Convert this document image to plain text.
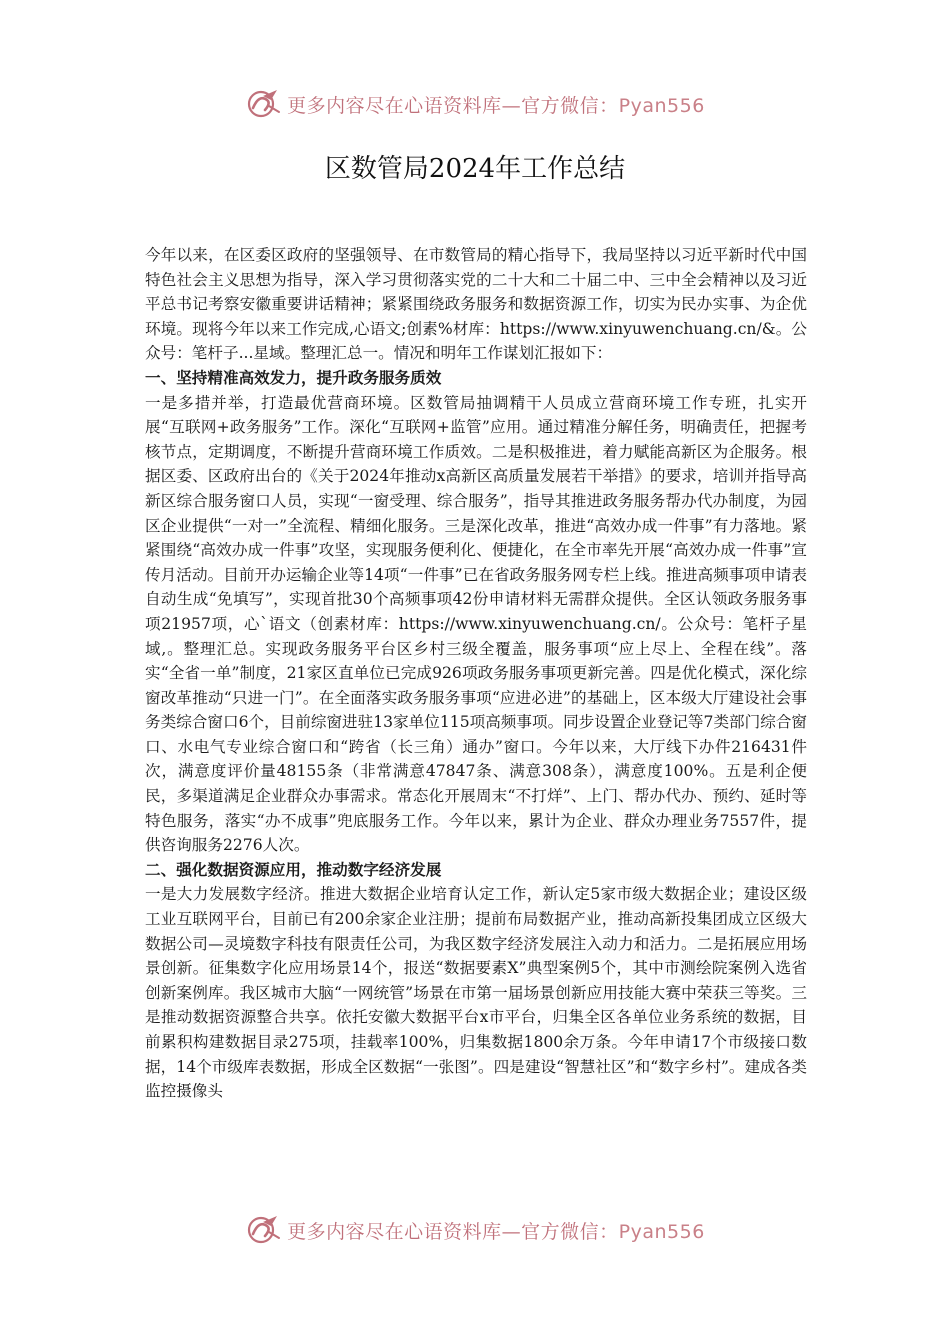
更多内容尽在心语资料库—官方微信：Pyan556
区数管局2024年工作总结

今年以来，在区委区政府的坚强领导、在市数管局的精心指导下，我局坚持以习近平新时代中国特色社会主义思想为指导，深入学习贯彻落实党的二十大和二十届二中、三中全会精神以及习近平总书记考察安徽重要讲话精神；紧紧围绕政务服务和数据资源工作，切实为民办实事、为企优环境。现将今年以来工作完成,心语文;创素%材库：https://www.xinyuwenchuang.cn/&。公众号：笔杆子...星域。整理汇总一。情况和明年工作谋划汇报如下：

一、坚持精准高效发力，提升政务服务质效

一是多措并举，打造最优营商环境。区数管局抽调精干人员成立营商环境工作专班，扎实开展“互联网+政务服务”工作。深化“互联网+监管”应用。通过精准分解任务，明确责任，把握考核节点，定期调度，不断提升营商环境工作质效。二是积极推进，着力赋能高新区为企服务。根据区委、区政府出台的《关于2024年推动x高新区高质量发展若干举措》的要求，培训并指导高新区综合服务窗口人员，实现“一窗受理、综合服务”，指导其推进政务服务帮办代办制度，为园区企业提供“一对一”全流程、精细化服务。三是深化改革，推进“高效办成一件事”有力落地。紧紧围绕“高效办成一件事”攻坚，实现服务便利化、便捷化，在全市率先开展“高效办成一件事”宣传月活动。目前开办运输企业等14项“一件事”已在省政务服务网专栏上线。推进高频事项申请表自动生成“免填写”，实现首批30个高频事项42份申请材料无需群众提供。全区认领政务服务事项21957项，心`语文（创素材库：https://www.xinyuwenchuang.cn/。公众号：笔杆子星域,。整理汇总。实现政务服务平台区乡村三级全覆盖，服务事项“应上尽上、全程在线”。落实“全省一单”制度，21家区直单位已完成926项政务服务事项更新完善。四是优化模式，深化综窗改革推动“只进一门”。在全面落实政务服务事项“应进必进”的基础上，区本级大厅建设社会事务类综合窗口6个，目前综窗进驻13家单位115项高频事项。同步设置企业登记等7类部门综合窗口、水电气专业综合窗口和“跨省（长三角）通办”窗口。今年以来，大厅线下办件216431件次，满意度评价量48155条（非常满意47847条、满意308条），满意度100%。五是利企便民，多渠道满足企业群众办事需求。常态化开展周末“不打烊”、上门、帮办代办、预约、延时等特色服务，落实“办不成事”兜底服务工作。今年以来，累计为企业、群众办理业务7557件，提供咨询服务2276人次。

二、强化数据资源应用，推动数字经济发展

一是大力发展数字经济。推进大数据企业培育认定工作，新认定5家市级大数据企业；建设区级工业互联网平台，目前已有200余家企业注册；提前布局数据产业，推动高新投集团成立区级大数据公司—灵境数字科技有限责任公司，为我区数字经济发展注入动力和活力。二是拓展应用场景创新。征集数字化应用场景14个，报送“数据要素X”典型案例5个，其中市测绘院案例入选省创新案例库。我区城市大脑“一网统管”场景在市第一届场景创新应用技能大赛中荣获三等奖。三是推动数据资源整合共享。依托安徽大数据平台x市平台，归集全区各单位业务系统的数据，目前累积构建数据目录275项，挂载率100%，归集数据1800余万条。今年申请17个市级接口数据，14个市级库表数据，形成全区数据“一张图”。四是建设“智慧社区”和“数字乡村”。建成各类监控摄像头

更多内容尽在心语资料库—官方微信：Pyan556
